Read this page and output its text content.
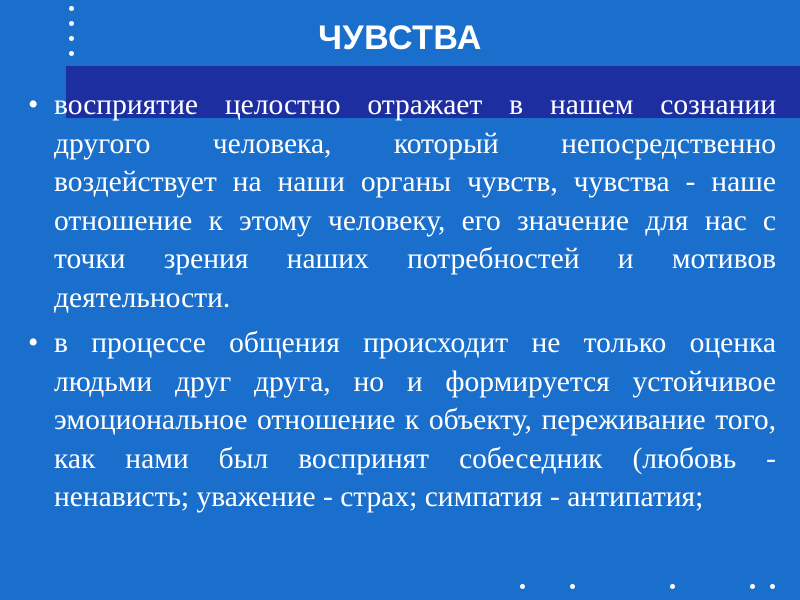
ЧУВСТВА
• восприятие целостно отражает в нашем сознании другого человека, который непосредственно воздействует на наши органы чувств, чувства - наше отношение к этому человеку, его значение для нас с точки зрения наших потребностей и мотивов деятельности.
• в процессе общения происходит не только оценка людьми друг друга, но и формируется устойчивое эмоциональное отношение к объекту, переживание того, как нами был воспринят собеседник (любовь - ненависть; уважение - страх; симпатия - антипатия;
